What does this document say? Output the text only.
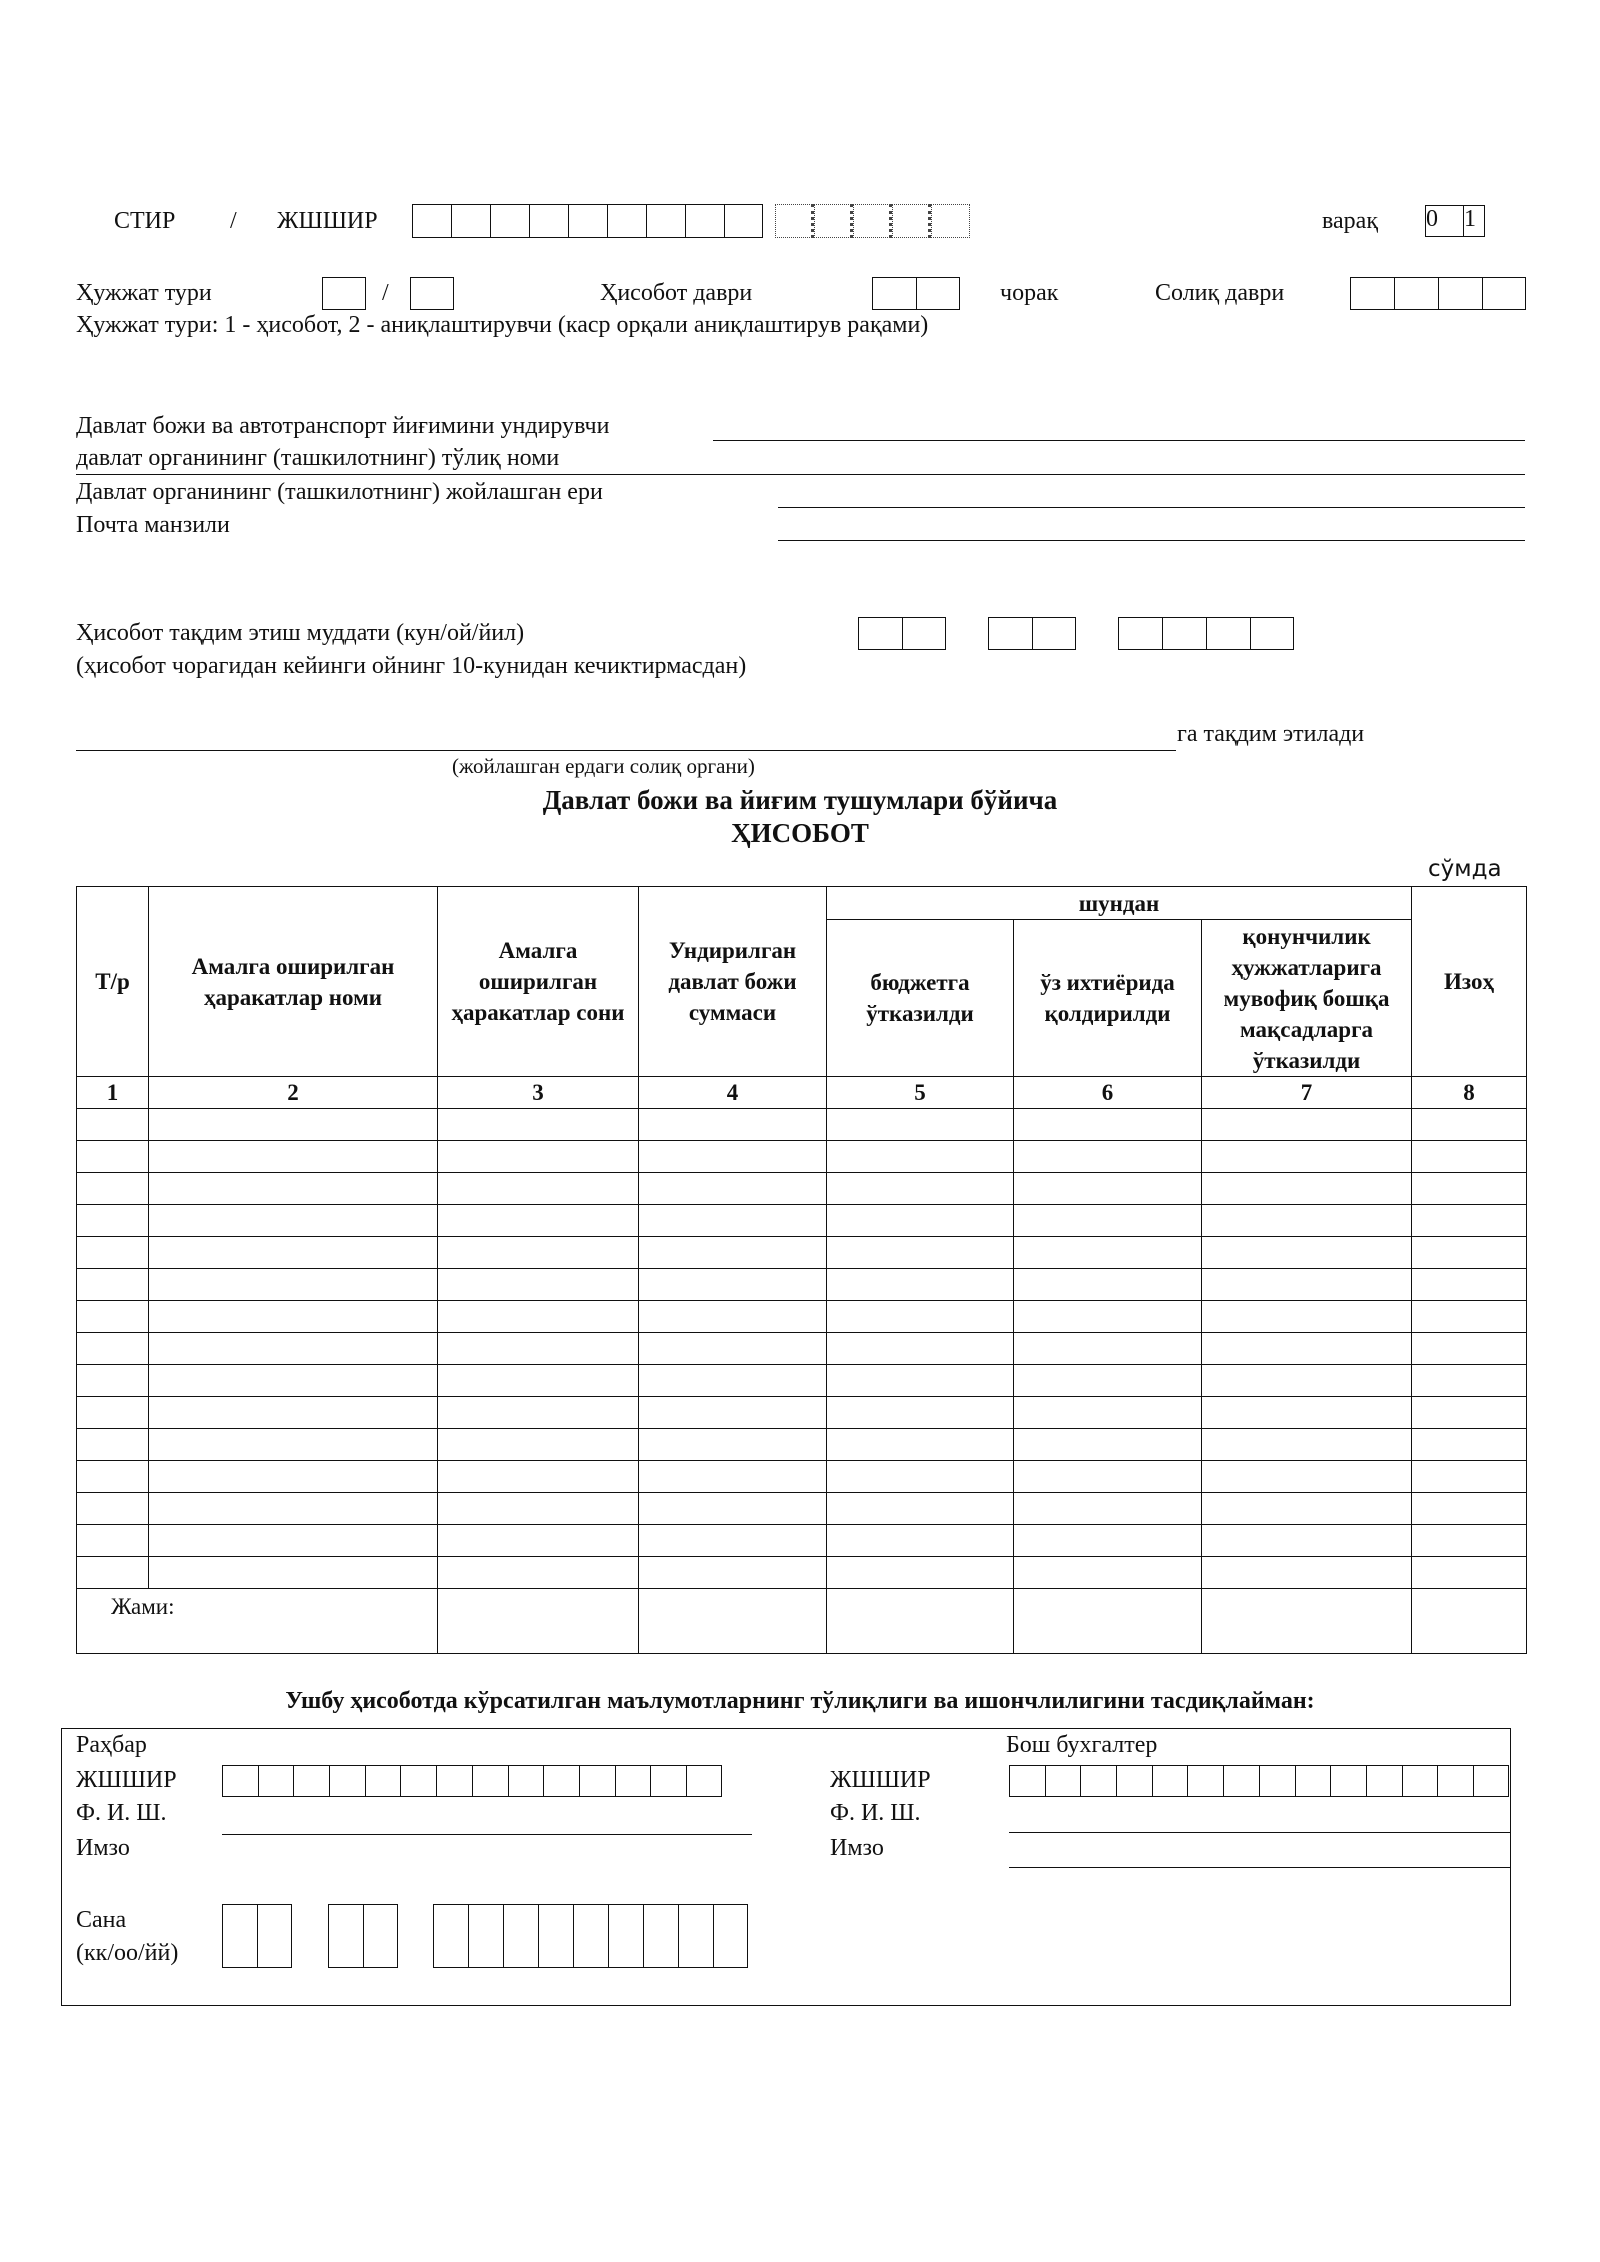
СТИР / ЖШШИР	варақ 0	1
Ҳужжат тури	/	Ҳисобот даври	чорак	Солиқ даври
Ҳужжат тури: 1 - ҳисобот, 2 - аниқлаштирувчи (каср орқали аниқлаштирув рақами)
Давлат божи ва автотранспорт йиғимини ундирувчи
давлат органининг (ташкилотнинг) тўлиқ номи
Давлат органининг (ташкилотнинг) жойлашган ери
Почта манзили
Ҳисобот тақдим этиш муддати (кун/ой/йил)
(ҳисобот чорагидан кейинги ойнинг 10-кунидан кечиктирмасдан)
га тақдим этилади
(жойлашган ердаги солиқ органи)
Давлат божи ва йиғим тушумлари бўйича
ҲИСОБОТ
сўмда
Т/р	Амалга оширилган ҳаракатлар номи	Амалга оширилган ҳаракатлар сони	Ундирилган давлат божи суммаси	шундан			Изоҳ
				бюджетга ўтказилди	ўз ихтиёрида қолдирилди	қонунчилик ҳужжатларига мувофиқ бошқа мақсадларга ўтказилди	
1	2	3	4	5	6	7	8

Жами:							
Ушбу ҳисоботда кўрсатилган маълумотларнинг тўлиқлиги ва ишончлилигини тасдиқлайман:
Раҳбар	Бош бухгалтер
ЖШШИР
Ф. И. Ш.
Имзо
ЖШШИР
Ф. И. Ш.
Имзо
Сана
(кк/оо/йй)
